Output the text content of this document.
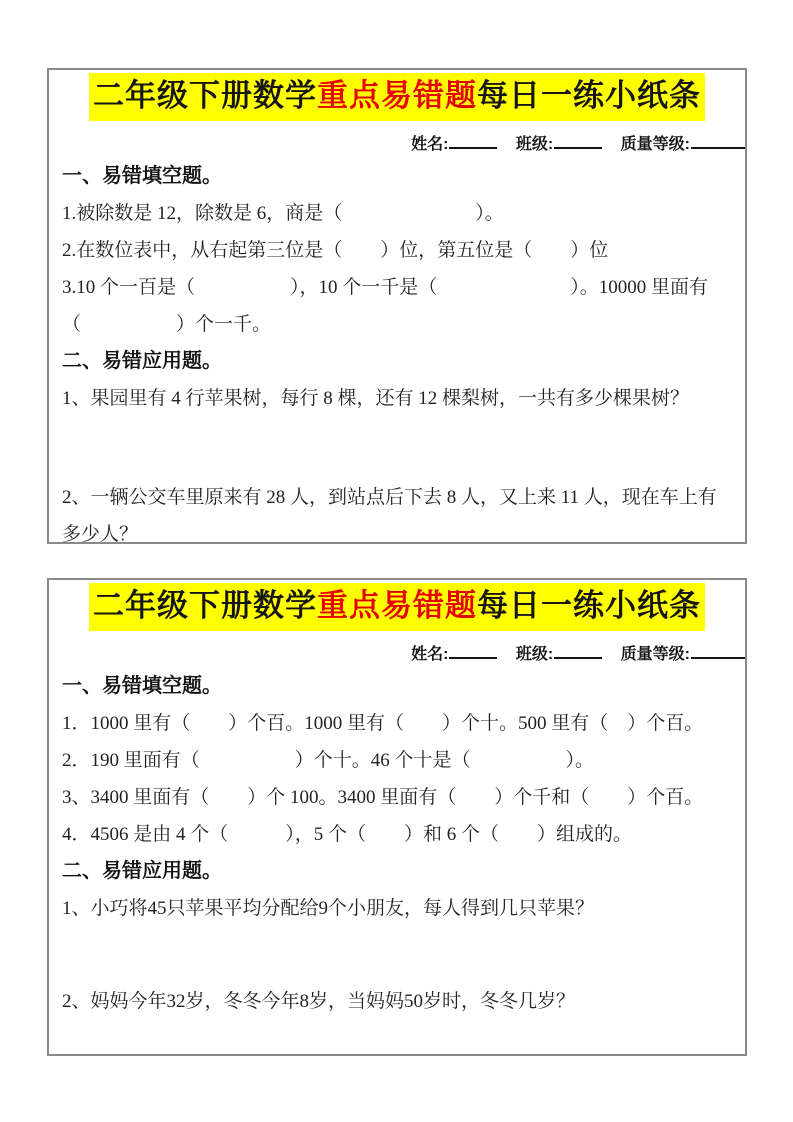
二年级下册数学重点易错题每日一练小纸条
姓名:	班级:	质量等级:

一、易错填空题。

1.被除数是 12，除数是 6，商是（　　　　　　　）。

2.在数位表中，从右起第三位是（　　）位，第五位是（　　）位

3.10 个一百是（　　　　　），10 个一千是（　　　　　　　）。10000 里面有（　　　　　）个一千。

二、易错应用题。

1、果园里有 4 行苹果树，每行 8 棵，还有 12 棵梨树，一共有多少棵果树？

2、一辆公交车里原来有 28 人，到站点后下去 8 人，又上来 11 人，现在车上有多少人？

二年级下册数学重点易错题每日一练小纸条
姓名:	班级:	质量等级:

一、易错填空题。

1．1000 里有（　　）个百。1000 里有（　　）个十。500 里有（　）个百。

2．190 里面有（　　　　　）个十。46 个十是（　　　　　）。

3、3400 里面有（　　）个 100。3400 里面有（　　）个千和（　　）个百。

4．4506 是由 4 个（　　　），5 个（　　）和 6 个（　　）组成的。

二、易错应用题。

1、小巧将45只苹果平均分配给9个小朋友，每人得到几只苹果？

2、妈妈今年32岁，冬冬今年8岁，当妈妈50岁时，冬冬几岁？
